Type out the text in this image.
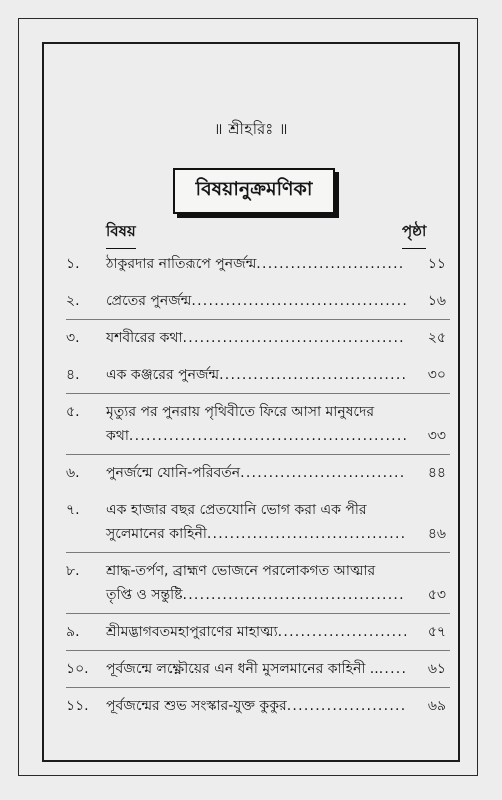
॥ শ্রীহরিঃ ॥
বিষয়ানুক্রমণিকা
বিষয়	পৃষ্ঠা
১.	ঠাকুরদার নাতিরূপে পুনর্জন্ম . . .	১১
২.	প্রেতের পুনর্জন্ম . . .	১৬
৩.	যশবীরের কথা . . .	২৫
৪.	এক কঞ্জরের পুনর্জন্ম . . .	৩০
৫.	মৃত্যুর পর পুনরায় পৃথিবীতে ফিরে আসা মানুষদের
কথা . . .	৩৩
৬.	পুনর্জন্মে যোনি-পরিবর্তন . . .	৪৪
৭.	এক হাজার বছর প্রেতযোনি ভোগ করা এক পীর
সুলেমানের কাহিনী . . .	৪৬
৮.	শ্রাদ্ধ-তর্পণ, ব্রাহ্মণ ভোজনে পরলোকগত আত্মার
তৃপ্তি ও সন্তুষ্টি . . .	৫৩
৯.	শ্রীমদ্ভাগবতমহাপুরাণের মাহাত্ম্য . . .	৫৭
১০.	পূর্বজন্মে লক্ষ্ণৌয়ের এন ধনী মুসলমানের কাহিনী .. . . .	৬১
১১.	পূর্বজন্মের শুভ সংস্কার-যুক্ত কুকুর . . .	৬৯
